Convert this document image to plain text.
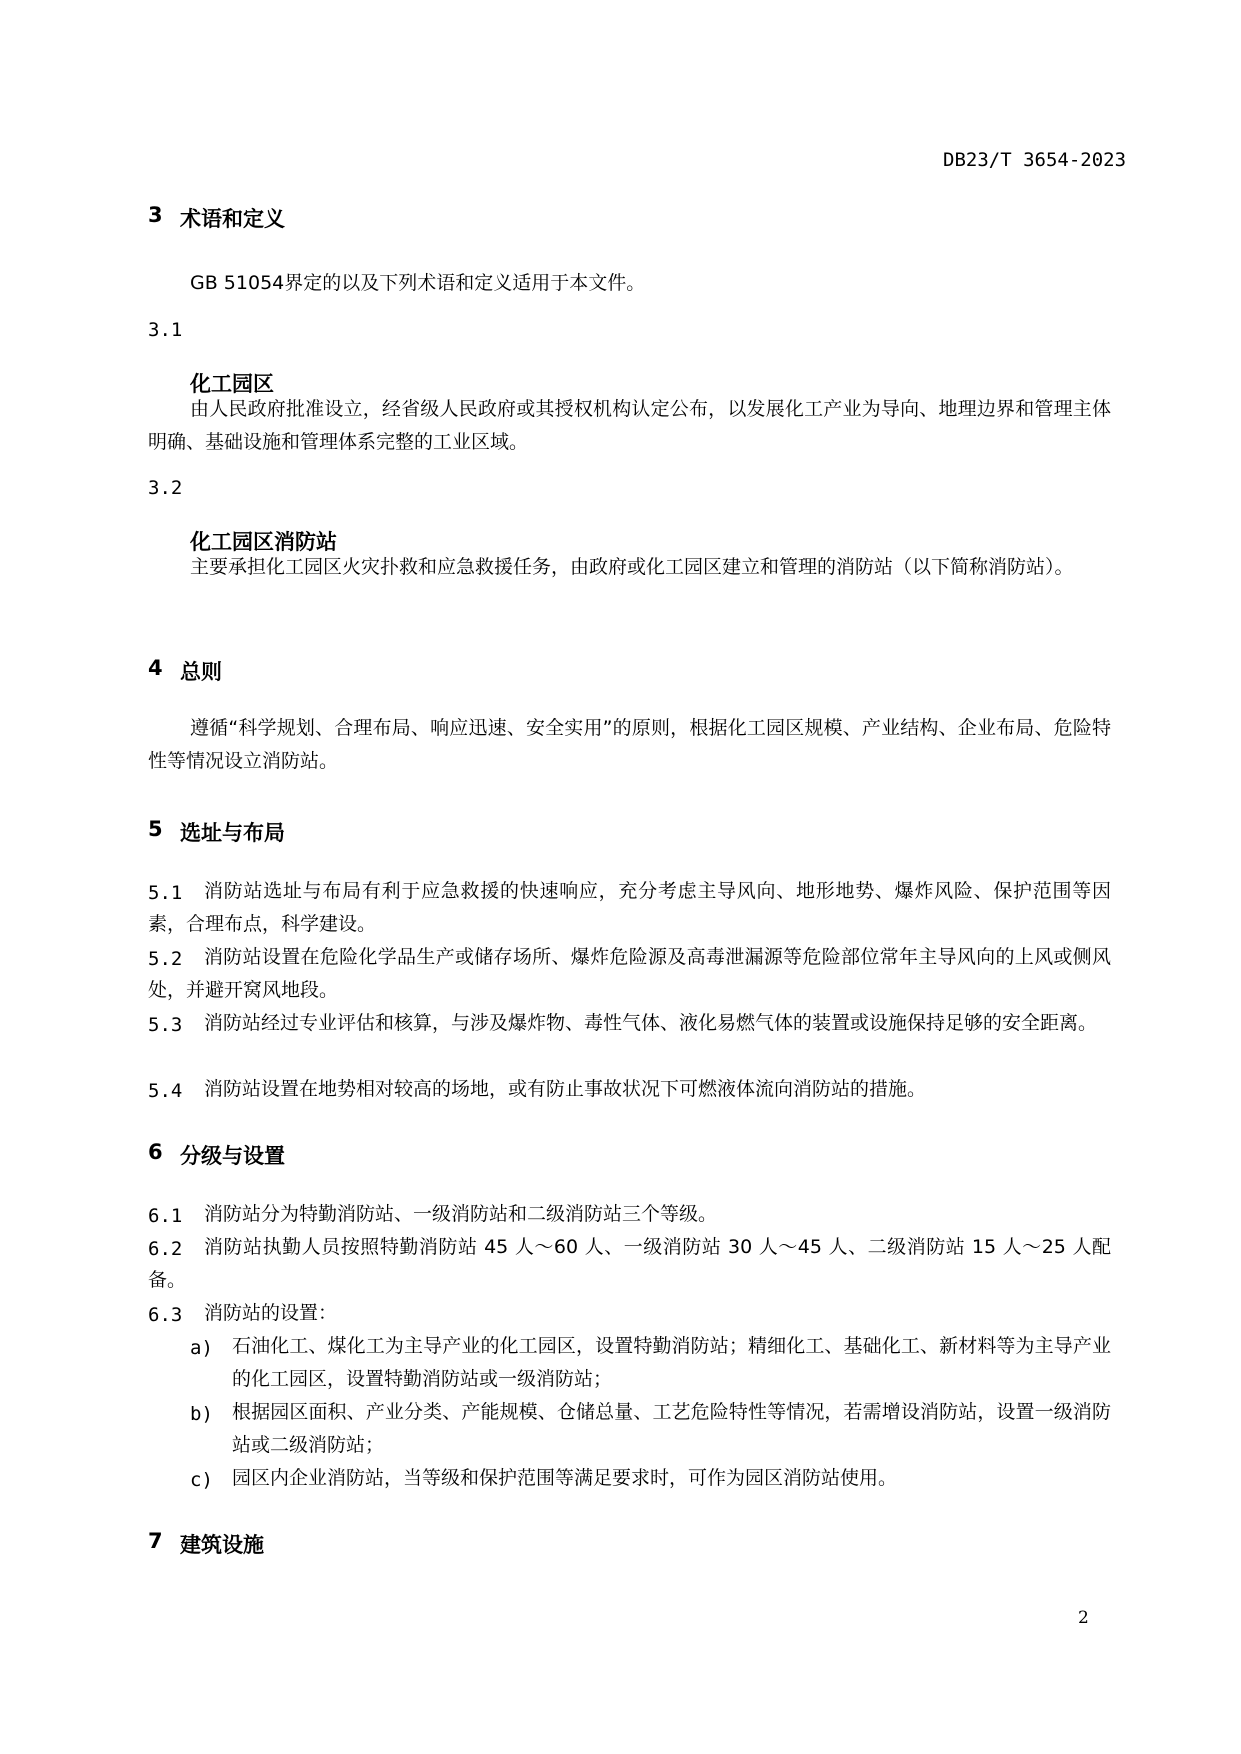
DB23/T 3654-2023
3 术语和定义
GB 51054界定的以及下列术语和定义适用于本文件。
3.1
化工园区
由人民政府批准设立，经省级人民政府或其授权机构认定公布，以发展化工产业为导向、地理边界和管理主体明确、基础设施和管理体系完整的工业区域。
3.2
化工园区消防站
主要承担化工园区火灾扑救和应急救援任务，由政府或化工园区建立和管理的消防站（以下简称消防站）。
4 总则
遵循“科学规划、合理布局、响应迅速、安全实用”的原则，根据化工园区规模、产业结构、企业布局、危险特性等情况设立消防站。
5 选址与布局
5.1	消防站选址与布局有利于应急救援的快速响应，充分考虑主导风向、地形地势、爆炸风险、保护范围等因素，合理布点，科学建设。
5.2	消防站设置在危险化学品生产或储存场所、爆炸危险源及高毒泄漏源等危险部位常年主导风向的上风或侧风处，并避开窝风地段。
5.3	消防站经过专业评估和核算，与涉及爆炸物、毒性气体、液化易燃气体的装置或设施保持足够的安全距离。
5.4	消防站设置在地势相对较高的场地，或有防止事故状况下可燃液体流向消防站的措施。
6 分级与设置
6.1	消防站分为特勤消防站、一级消防站和二级消防站三个等级。
6.2	消防站执勤人员按照特勤消防站 45 人～60 人、一级消防站 30 人～45 人、二级消防站 15 人～25 人配备。
6.3	消防站的设置：
a) 石油化工、煤化工为主导产业的化工园区，设置特勤消防站；精细化工、基础化工、新材料等为主导产业的化工园区，设置特勤消防站或一级消防站；
b) 根据园区面积、产业分类、产能规模、仓储总量、工艺危险特性等情况，若需增设消防站，设置一级消防站或二级消防站；
c) 园区内企业消防站，当等级和保护范围等满足要求时，可作为园区消防站使用。
7 建筑设施
2
